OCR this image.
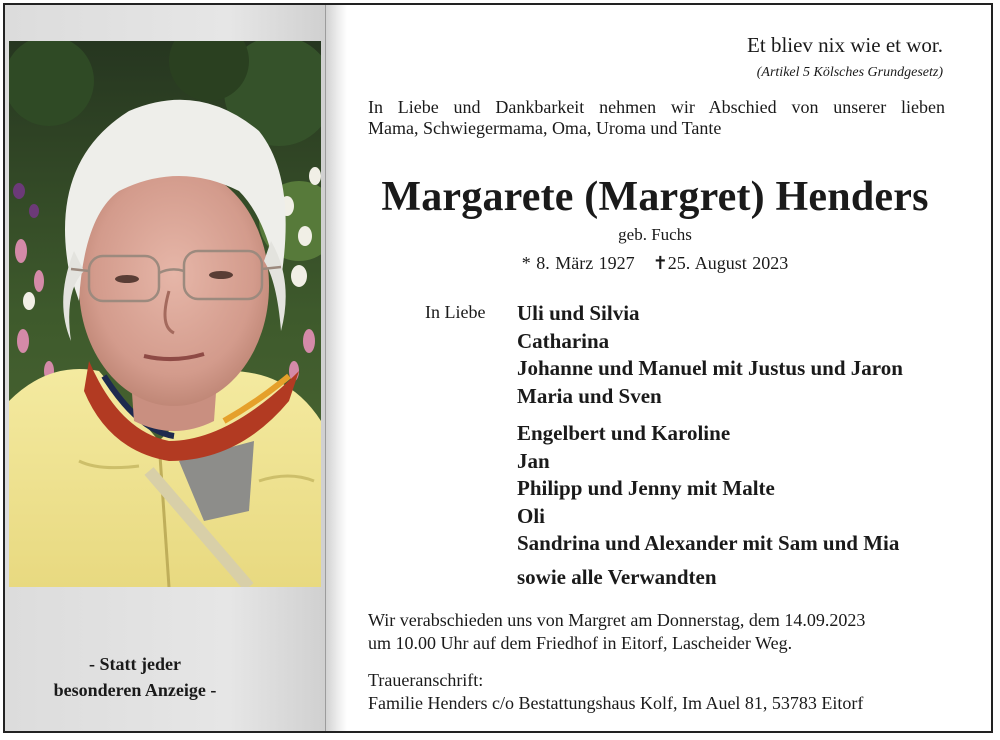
- Statt jeder
besonderen Anzeige -
Et bliev nix wie et wor.
(Artikel 5 Kölsches Grundgesetz)
In Liebe und Dankbarkeit nehmen wir Abschied von unserer lieben
Mama, Schwiegermama, Oma, Uroma und Tante
Margarete (Margret) Henders
geb. Fuchs
* 8. März 1927 ✝25. August 2023
In Liebe Uli und Silvia
Catharina
Johanne und Manuel mit Justus und Jaron
Maria und Sven
Engelbert und Karoline
Jan
Philipp und Jenny mit Malte
Oli
Sandrina und Alexander mit Sam und Mia
sowie alle Verwandten
Wir verabschieden uns von Margret am Donnerstag, dem 14.09.2023
um 10.00 Uhr auf dem Friedhof in Eitorf, Lascheider Weg.
Traueranschrift:
Familie Henders c/o Bestattungshaus Kolf, Im Auel 81, 53783 Eitorf
